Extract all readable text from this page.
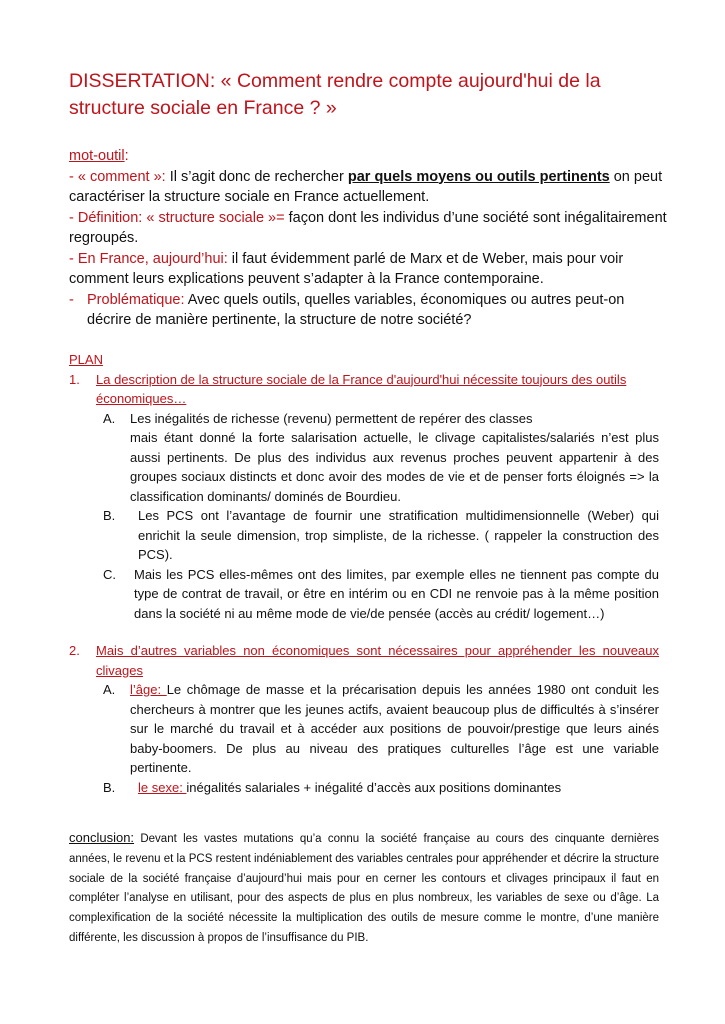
DISSERTATION: « Comment rendre compte aujourd'hui de la structure sociale en France ? »

mot-outil:

- « comment »: Il s’agit donc de rechercher par quels moyens ou outils pertinents on peut caractériser la structure sociale en France actuellement.

- Définition: « structure sociale »= façon dont les individus d’une société sont inégalitairement regroupés.

- En France, aujourd’hui: il faut évidemment parlé de Marx et de Weber, mais pour voir comment leurs explications peuvent s’adapter à la France contemporaine.

- Problématique: Avec quels outils, quelles variables, économiques ou autres peut-on décrire de manière pertinente, la structure de notre société?
PLAN
1.	La description de la structure sociale de la France d'aujourd'hui nécessite toujours des outils économiques…
A.	Les inégalités de richesse (revenu) permettent de repérer des classes
mais étant donné la forte salarisation actuelle, le clivage capitalistes/salariés n’est plus aussi pertinents. De plus des individus aux revenus proches peuvent appartenir à des groupes sociaux distincts et donc avoir des modes de vie et de penser forts éloignés => la classification dominants/ dominés de Bourdieu.
B.	Les PCS ont l’avantage de fournir une stratification multidimensionnelle (Weber) qui enrichit la seule dimension, trop simpliste, de la richesse. ( rappeler la construction des PCS).
C.	Mais les PCS elles-mêmes ont des limites, par exemple elles ne tiennent pas compte du type de contrat de travail, or être en intérim ou en CDI ne renvoie pas à la même position dans la société ni au même mode de vie/de pensée (accès au crédit/ logement…)
2.	Mais d’autres variables non économiques sont nécessaires pour appréhender les nouveaux clivages
A.	l’âge: Le chômage de masse et la précarisation depuis les années 1980 ont conduit les chercheurs à montrer que les jeunes actifs, avaient beaucoup plus de difficultés à s’insérer sur le marché du travail et à accéder aux positions de pouvoir/prestige que leurs ainés baby-boomers. De plus au niveau des pratiques culturelles l’âge est une variable pertinente.
B.	le sexe: inégalités salariales + inégalité d’accès aux positions dominantes
conclusion: Devant les vastes mutations qu’a connu la société française au cours des cinquante dernières années, le revenu et la PCS restent indéniablement des variables centrales pour appréhender et décrire la structure sociale de la société française d’aujourd’hui mais pour en cerner les contours et clivages principaux il faut en compléter l’analyse en utilisant, pour des aspects de plus en plus nombreux, les variables de sexe ou d’âge. La complexification de la société nécessite la multiplication des outils de mesure comme le montre, d’une manière différente, les discussion à propos de l’insuffisance du PIB.
